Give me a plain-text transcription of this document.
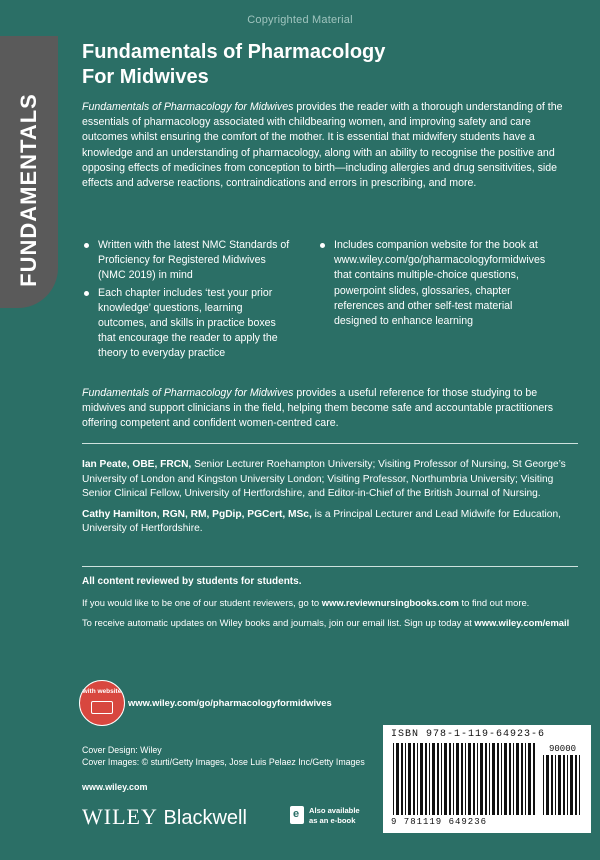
Copyrighted Material
FUNDAMENTALS
Fundamentals of Pharmacology
For Midwives
Fundamentals of Pharmacology for Midwives provides the reader with a thorough understanding of the essentials of pharmacology associated with childbearing women, and improving safety and care outcomes whilst ensuring the comfort of the mother. It is essential that midwifery students have a knowledge and an understanding of pharmacology, along with an ability to recognise the positive and opposing effects of medicines from conception to birth—including allergies and drug sensitivities, side effects and adverse reactions, contraindications and errors in prescribing, and more.
Written with the latest NMC Standards of Proficiency for Registered Midwives (NMC 2019) in mind
Each chapter includes ‘test your prior knowledge’ questions, learning outcomes, and skills in practice boxes that encourage the reader to apply the theory to everyday practice
Includes companion website for the book at www.wiley.com/go/pharmacologyformidwives that contains multiple-choice questions, powerpoint slides, glossaries, chapter references and other self-test material designed to enhance learning
Fundamentals of Pharmacology for Midwives provides a useful reference for those studying to be midwives and support clinicians in the field, helping them become safe and accountable practitioners offering competent and confident women-centred care.

Ian Peate, OBE, FRCN, Senior Lecturer Roehampton University; Visiting Professor of Nursing, St George’s University of London and Kingston University London; Visiting Professor, Northumbria University; Visiting Senior Clinical Fellow, University of Hertfordshire, and Editor-in-Chief of the British Journal of Nursing.

Cathy Hamilton, RGN, RM, PgDip, PGCert, MSc, is a Principal Lecturer and Lead Midwife for Education, University of Hertfordshire.

All content reviewed by students for students.

If you would like to be one of our student reviewers, go to www.reviewnursingbooks.com to find out more.

To receive automatic updates on Wiley books and journals, join our email list. Sign up today at www.wiley.com/email

with website
www.wiley.com/go/pharmacologyformidwives
Cover Design: Wiley
Cover Images: © sturti/Getty Images, Jose Luis Pelaez Inc/Getty Images
www.wiley.com
WILEY Blackwell	e Also available
as an e-book
ISBN 978-1-119-64923-6
90000
9 781119 649236
